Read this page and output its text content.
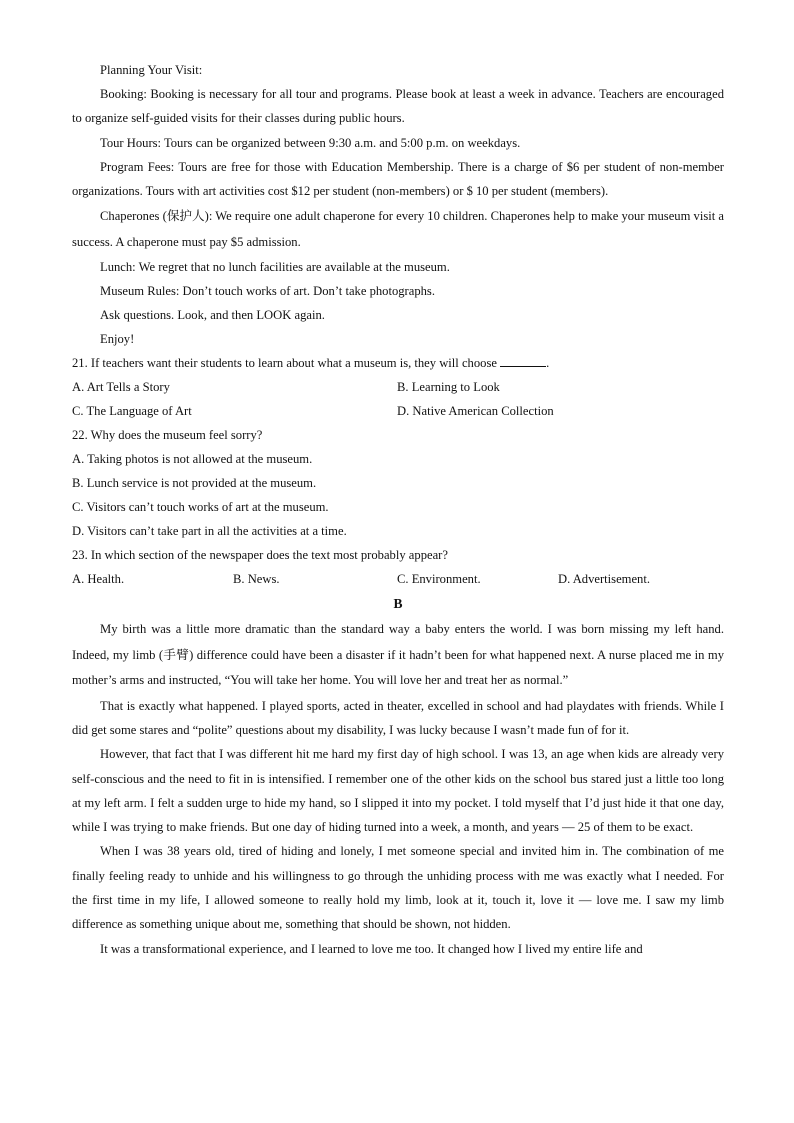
Planning Your Visit:

Booking: Booking is necessary for all tour and programs. Please book at least a week in advance. Teachers are encouraged to organize self-guided visits for their classes during public hours.

Tour Hours: Tours can be organized between 9:30 a.m. and 5:00 p.m. on weekdays.

Program Fees: Tours are free for those with Education Membership. There is a charge of $6 per student of non-member organizations. Tours with art activities cost $12 per student (non-members) or $ 10 per student (members).

Chaperones (保护人): We require one adult chaperone for every 10 children. Chaperones help to make your museum visit a success. A chaperone must pay $5 admission.

Lunch: We regret that no lunch facilities are available at the museum.
Museum Rules: Don’t touch works of art. Don’t take photographs.
Ask questions. Look, and then LOOK again.
Enjoy!
21. If teachers want their students to learn about what a museum is, they will choose	.
A. Art Tells a Story	B. Learning to Look
C. The Language of Art	D. Native American Collection
22. Why does the museum feel sorry?
A. Taking photos is not allowed at the museum.
B. Lunch service is not provided at the museum.
C. Visitors can’t touch works of art at the museum.
D. Visitors can’t take part in all the activities at a time.
23. In which section of the newspaper does the text most probably appear?
A. Health.	B. News.	C. Environment.	D. Advertisement.
B

My birth was a little more dramatic than the standard way a baby enters the world. I was born missing my left hand. Indeed, my limb (手臂) difference could have been a disaster if it hadn’t been for what happened next. A nurse placed me in my mother’s arms and instructed, “You will take her home. You will love her and treat her as normal.”

That is exactly what happened. I played sports, acted in theater, excelled in school and had playdates with friends. While I did get some stares and “polite” questions about my disability, I was lucky because I wasn’t made fun of for it.

However, that fact that I was different hit me hard my first day of high school. I was 13, an age when kids are already very self-conscious and the need to fit in is intensified. I remember one of the other kids on the school bus stared just a little too long at my left arm. I felt a sudden urge to hide my hand, so I slipped it into my pocket. I told myself that I’d just hide it that one day, while I was trying to make friends. But one day of hiding turned into a week, a month, and years — 25 of them to be exact.

When I was 38 years old, tired of hiding and lonely, I met someone special and invited him in. The combination of me finally feeling ready to unhide and his willingness to go through the unhiding process with me was exactly what I needed. For the first time in my life, I allowed someone to really hold my limb, look at it, touch it, love it — love me. I saw my limb difference as something unique about me, something that should be shown, not hidden.

It was a transformational experience, and I learned to love me too. It changed how I lived my entire life and
